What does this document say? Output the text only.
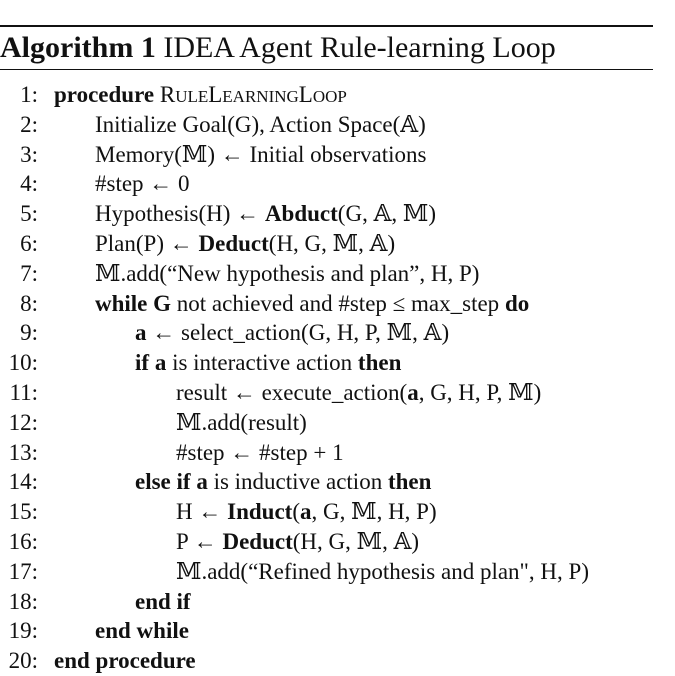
Algorithm 1 IDEA Agent Rule-learning Loop
1: procedure RULELEARNINGLOOP
2: Initialize Goal(G), Action Space(𝔸)
3: Memory(𝕄) ← Initial observations
4: #step ← 0
5: Hypothesis(H) ← Abduct(G, 𝔸, 𝕄)
6: Plan(P) ← Deduct(H, G, 𝕄, 𝔸)
7: 𝕄.add(“New hypothesis and plan”, H, P)
8: while G not achieved and #step ≤ max_step do
9:	a ← select_action(G, H, P, 𝕄, 𝔸)
10:	if a is interactive action then
11:	result ← execute_action(a, G, H, P, 𝕄)
12:	𝕄.add(result)
13:	#step ← #step + 1
14:	else if a is inductive action then
15:	H ← Induct(a, G, 𝕄, H, P)
16:	P ← Deduct(H, G, 𝕄, 𝔸)
17:	𝕄.add(“Refined hypothesis and plan", H, P)
18:	end if
19: end while
20: end procedure
